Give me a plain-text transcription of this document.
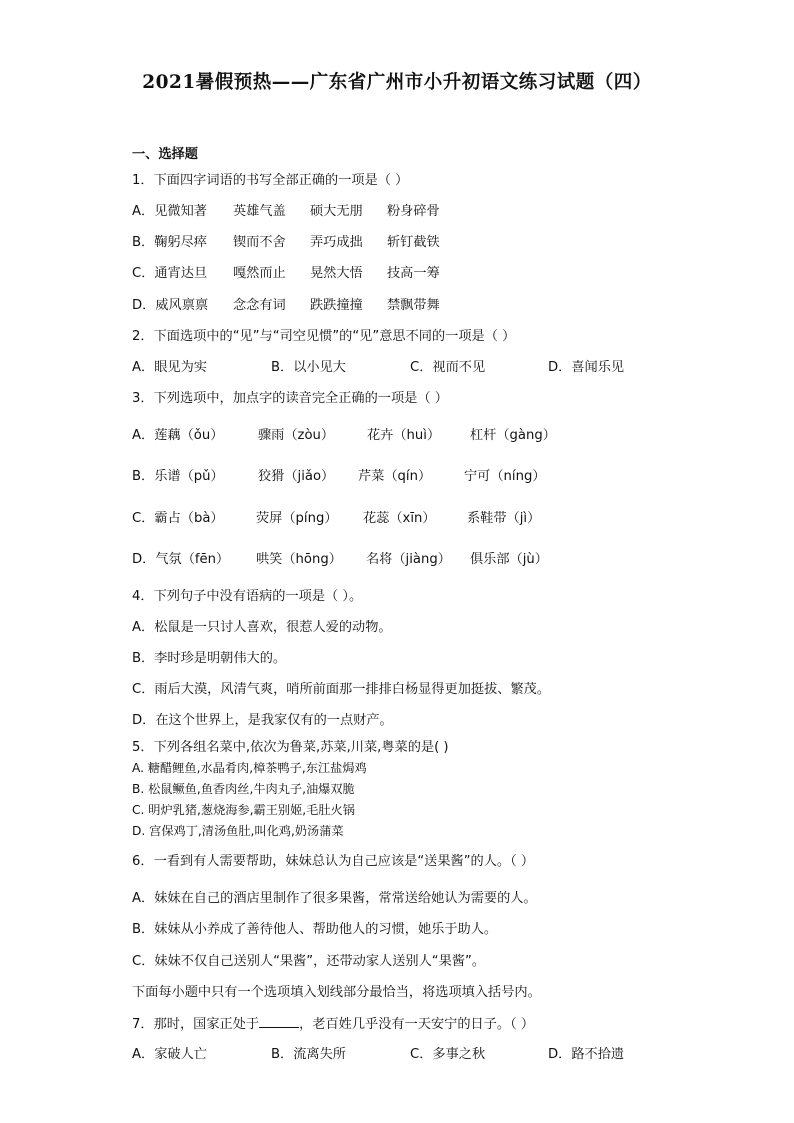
2021暑假预热——广东省广州市小升初语文练习试题（四）
一、选择题
1．下面四字词语的书写全部正确的一项是（ ）
A．见微知著 英雄气盖 硕大无朋 粉身碎骨
B．鞠躬尽瘁 锲而不舍 弄巧成拙 斩钉截铁
C．通宵达旦 嘎然而止 晃然大悟 技高一筹
D．威风禀禀 念念有词 跌跌撞撞 禁飘带舞
2．下面选项中的“见”与“司空见惯”的“见”意思不同的一项是（ ）
A．眼见为实	B．以小见大	C．视而不见	D．喜闻乐见
3．下列选项中，加点字的读音完全正确的一项是（ ）
A．莲藕（ǒu）	骤雨（zòu） 花卉（huì） 杠杆（gàng）
B．乐谱（pǔ）	狡猾（jiǎo） 芹菜（qín） 宁可（níng）
C．霸占（bà） 荧屏（píng） 花蕊（xīn） 系鞋带（jì）
D．气氛（fēn） 哄笑（hōng） 名将（jiàng） 俱乐部（jù）
4．下列句子中没有语病的一项是（ ）。
A．松鼠是一只讨人喜欢，很惹人爱的动物。
B．李时珍是明朝伟大的。
C．雨后大漠，风清气爽，哨所前面那一排排白杨显得更加挺拔、繁茂。
D．在这个世界上，是我家仅有的一点财产。
5．下列各组名菜中,依次为鲁菜,苏菜,川菜,粤菜的是( )
A. 糖醋鲤鱼,水晶肴肉,樟茶鸭子,东江盐焗鸡
B. 松鼠鳜鱼,鱼香肉丝,牛肉丸子,油爆双脆
C. 明炉乳猪,葱烧海参,霸王别姬,毛肚火锅
D. 宫保鸡丁,清汤鱼肚,叫化鸡,奶汤蒲菜
6．一看到有人需要帮助，妹妹总认为自己应该是“送果酱”的人。（ ）
A．妹妹在自己的酒店里制作了很多果酱，常常送给她认为需要的人。
B．妹妹从小养成了善待他人、帮助他人的习惯，她乐于助人。
C．妹妹不仅自己送别人“果酱”，还带动家人送别人“果酱”。
下面每小题中只有一个选项填入划线部分最恰当，将选项填入括号内。
7．那时，国家正处于	，老百姓几乎没有一天安宁的日子。（ ）
A．家破人亡	B．流离失所	C．多事之秋	D．路不拾遗
